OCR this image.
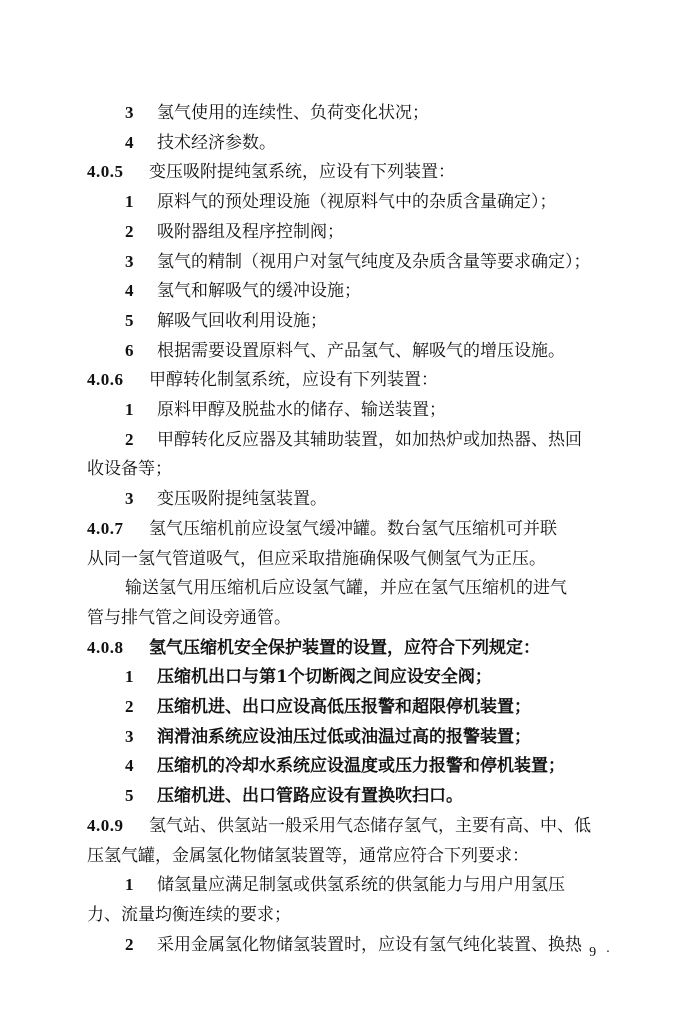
3 氢气使用的连续性、负荷变化状况；
4 技术经济参数。
4.0.5 变压吸附提纯氢系统，应设有下列装置：
1 原料气的预处理设施（视原料气中的杂质含量确定）；
2 吸附器组及程序控制阀；
3 氢气的精制（视用户对氢气纯度及杂质含量等要求确定）；
4 氢气和解吸气的缓冲设施；
5 解吸气回收利用设施；
6 根据需要设置原料气、产品氢气、解吸气的增压设施。
4.0.6 甲醇转化制氢系统，应设有下列装置：
1 原料甲醇及脱盐水的储存、输送装置；
2 甲醇转化反应器及其辅助装置，如加热炉或加热器、热回
收设备等；
3 变压吸附提纯氢装置。
4.0.7 氢气压缩机前应设氢气缓冲罐。数台氢气压缩机可并联
从同一氢气管道吸气，但应采取措施确保吸气侧氢气为正压。
输送氢气用压缩机后应设氢气罐，并应在氢气压缩机的进气
管与排气管之间设旁通管。
4.0.8 氢气压缩机安全保护装置的设置，应符合下列规定：
1 压缩机出口与第1个切断阀之间应设安全阀；
2 压缩机进、出口应设高低压报警和超限停机装置；
3 润滑油系统应设油压过低或油温过高的报警装置；
4 压缩机的冷却水系统应设温度或压力报警和停机装置；
5 压缩机进、出口管路应设有置换吹扫口。
4.0.9 氢气站、供氢站一般采用气态储存氢气，主要有高、中、低
压氢气罐，金属氢化物储氢装置等，通常应符合下列要求：
1 储氢量应满足制氢或供氢系统的供氢能力与用户用氢压
力、流量均衡连续的要求；
2 采用金属氢化物储氢装置时，应设有氢气纯化装置、换热
· 9 ·
